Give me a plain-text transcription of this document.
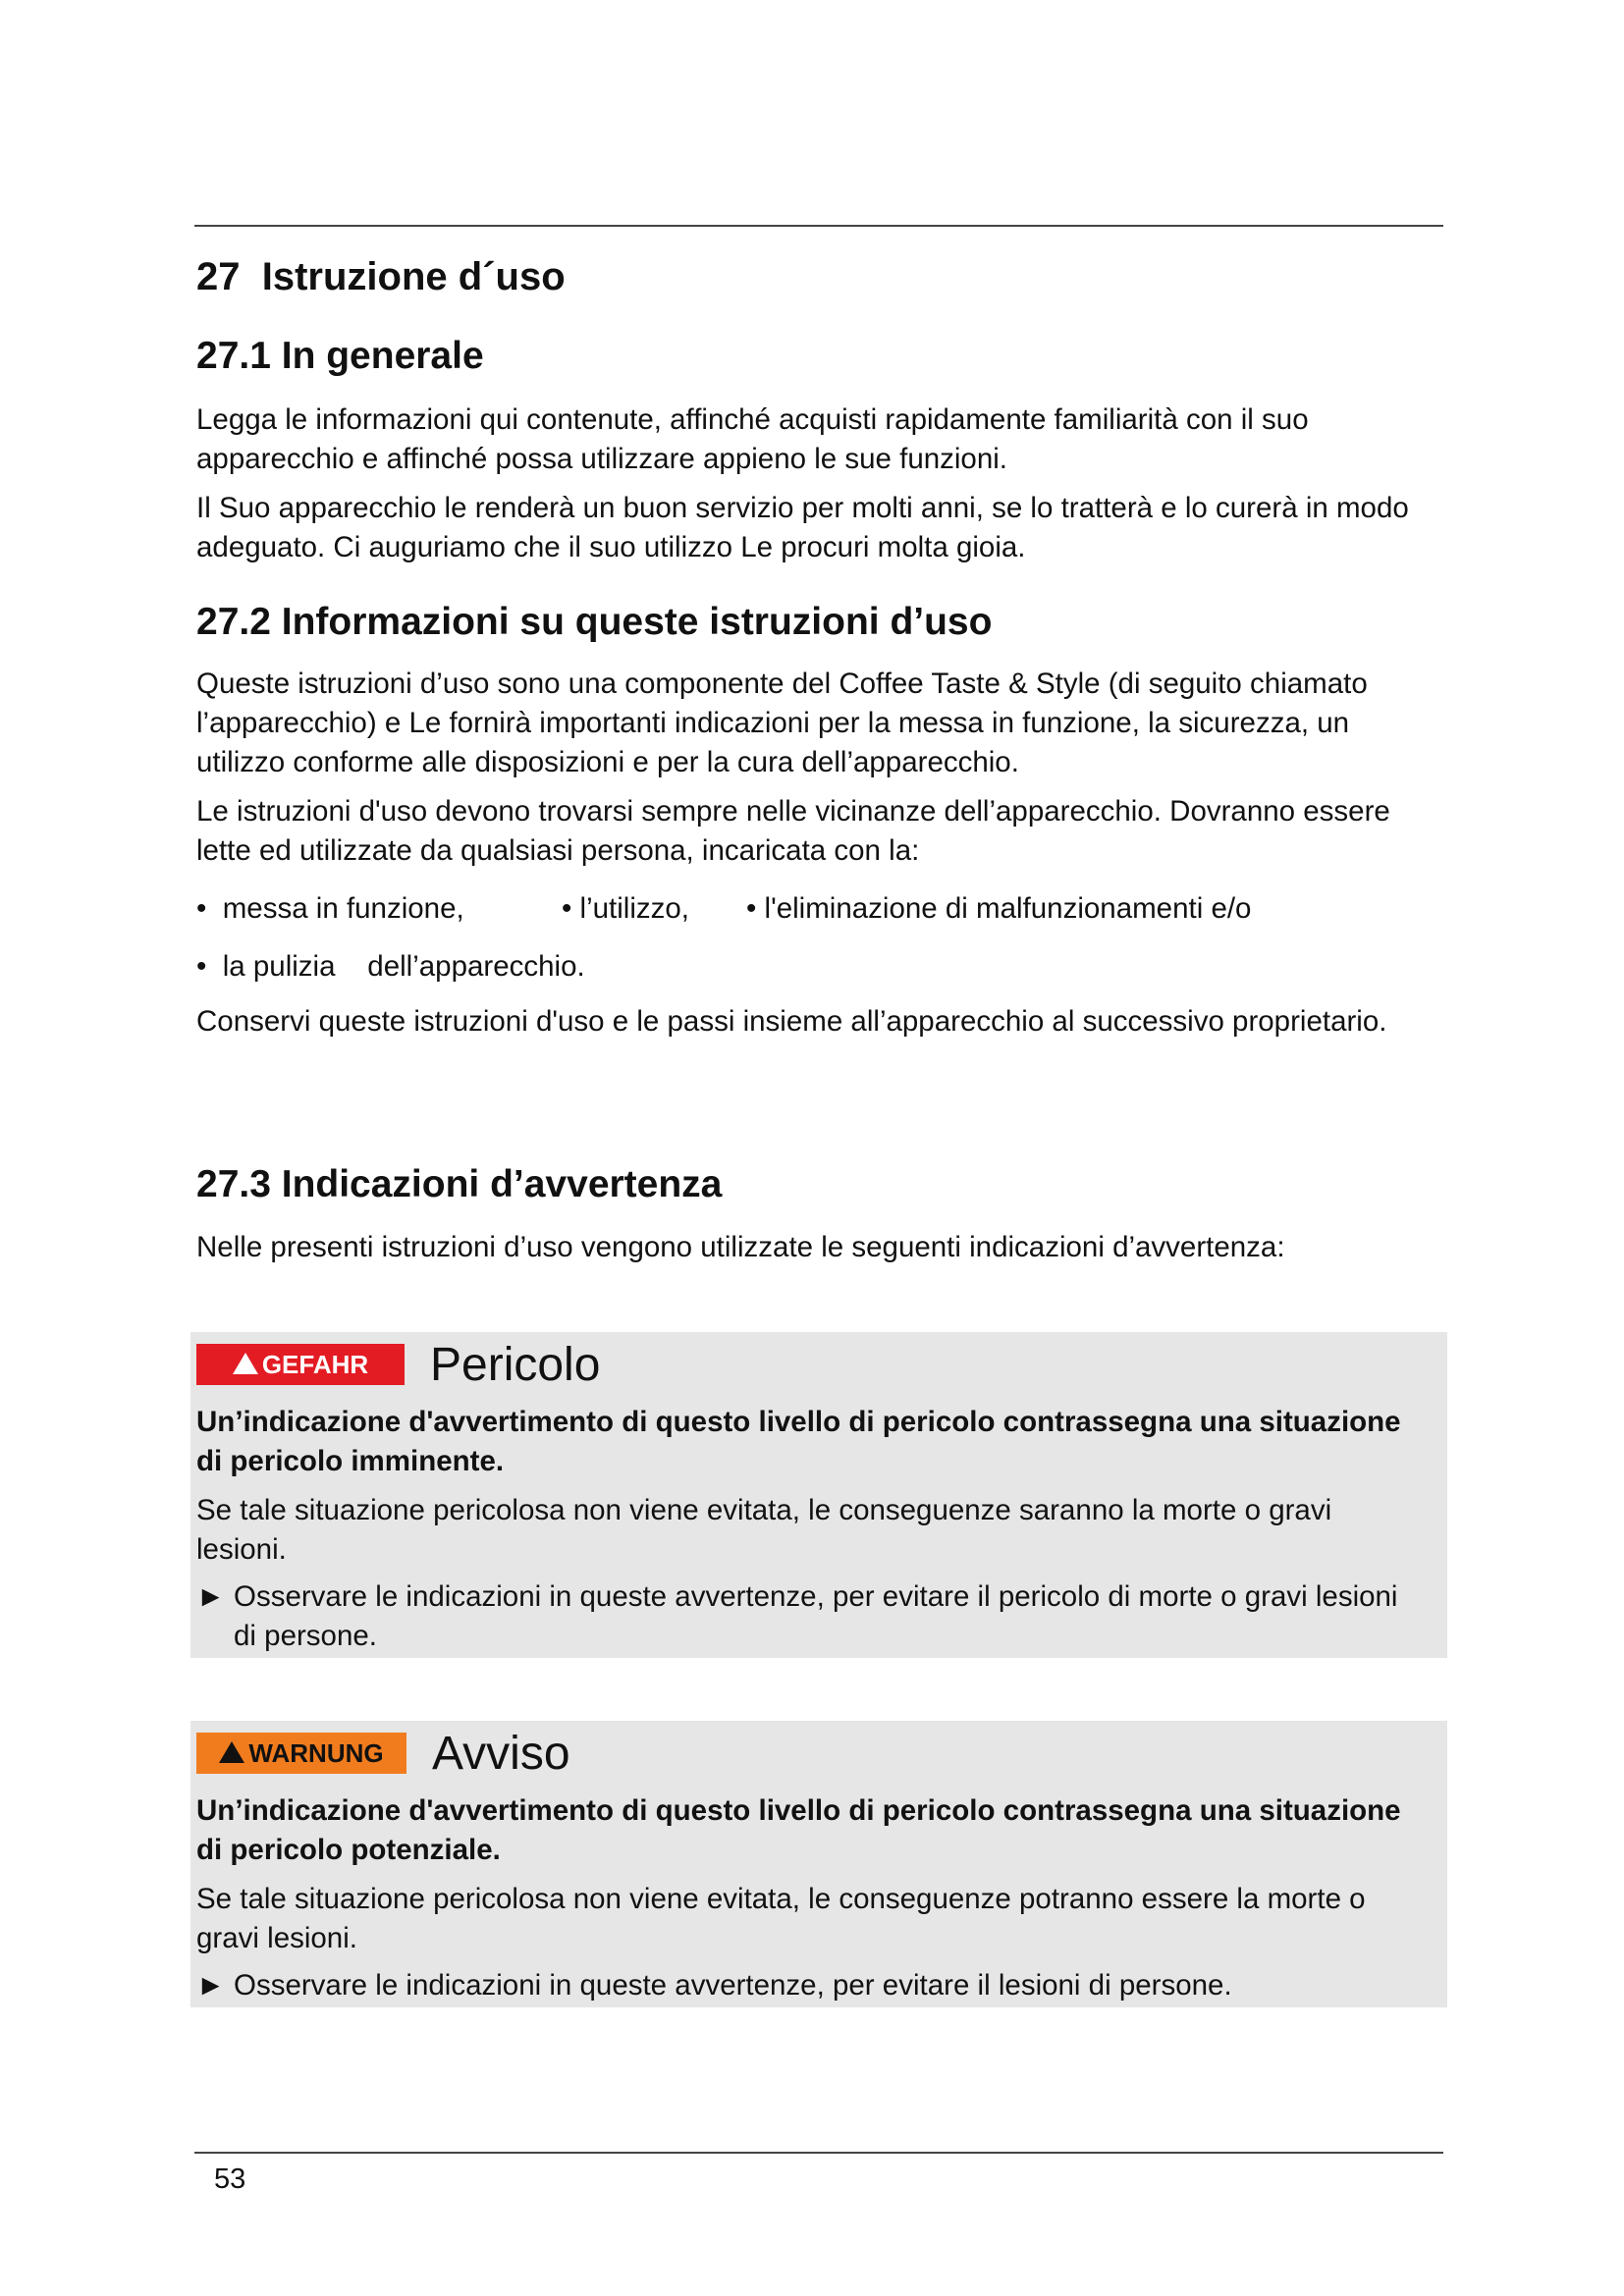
27 Istruzione d´uso
27.1 In generale

Legga le informazioni qui contenute, affinché acquisti rapidamente familiarità con il suo apparecchio e affinché possa utilizzare appieno le sue funzioni.

Il Suo apparecchio le renderà un buon servizio per molti anni, se lo tratterà e lo curerà in modo adeguato. Ci auguriamo che il suo utilizzo Le procuri molta gioia.

27.2 Informazioni su queste istruzioni d’uso

Queste istruzioni d’uso sono una componente del Coffee Taste & Style (di seguito chiamato l’apparecchio) e Le fornirà importanti indicazioni per la messa in funzione, la sicurezza, un utilizzo conforme alle disposizioni e per la cura dell’apparecchio.

Le istruzioni d'uso devono trovarsi sempre nelle vicinanze dell’apparecchio. Dovranno essere lette ed utilizzate da qualsiasi persona, incaricata con la:

•  messa in funzione,	• l’utilizzo,	• l'eliminazione di malfunzionamenti e/o
•  la pulizia    dell’apparecchio.

Conservi queste istruzioni d'uso e le passi insieme all’apparecchio al successivo proprietario.

27.3 Indicazioni d’avvertenza

Nelle presenti istruzioni d’uso vengono utilizzate le seguenti indicazioni d’avvertenza:

GEFAHR Pericolo

Un’indicazione d'avvertimento di questo livello di pericolo contrassegna una situazione di pericolo imminente.

Se tale situazione pericolosa non viene evitata, le conseguenze saranno la morte o gravi lesioni.

► Osservare le indicazioni in queste avvertenze, per evitare il pericolo di morte o gravi lesioni di persone.
WARNUNG Avviso

Un’indicazione d'avvertimento di questo livello di pericolo contrassegna una situazione di pericolo potenziale.

Se tale situazione pericolosa non viene evitata, le conseguenze potranno essere la morte o gravi lesioni.

► Osservare le indicazioni in queste avvertenze, per evitare il lesioni di persone.
53
